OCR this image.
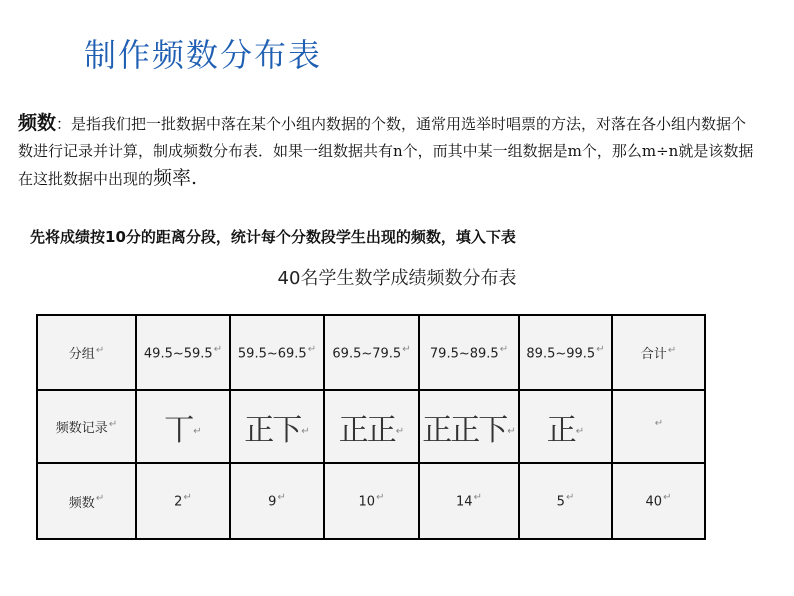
制作频数分布表
频数：是指我们把一批数据中落在某个小组内数据的个数，通常用选举时唱票的方法，对落在各小组内数据个数进行记录并计算，制成频数分布表．如果一组数据共有n个，而其中某一组数据是m个，那么m÷n就是该数据在这批数据中出现的频率.
先将成绩按10分的距离分段，统计每个分数段学生出现的频数，填入下表
40名学生数学成绩频数分布表
分组↵	49.5~59.5↵	59.5~69.5↵	69.5~79.5↵	79.5~89.5↵	89.5~99.5↵	合计↵
频数记录↵	丅↵	正下↵	正正↵	正正下↵	正↵	↵
频数↵	2↵	9↵	10↵	14↵	5↵	40↵
